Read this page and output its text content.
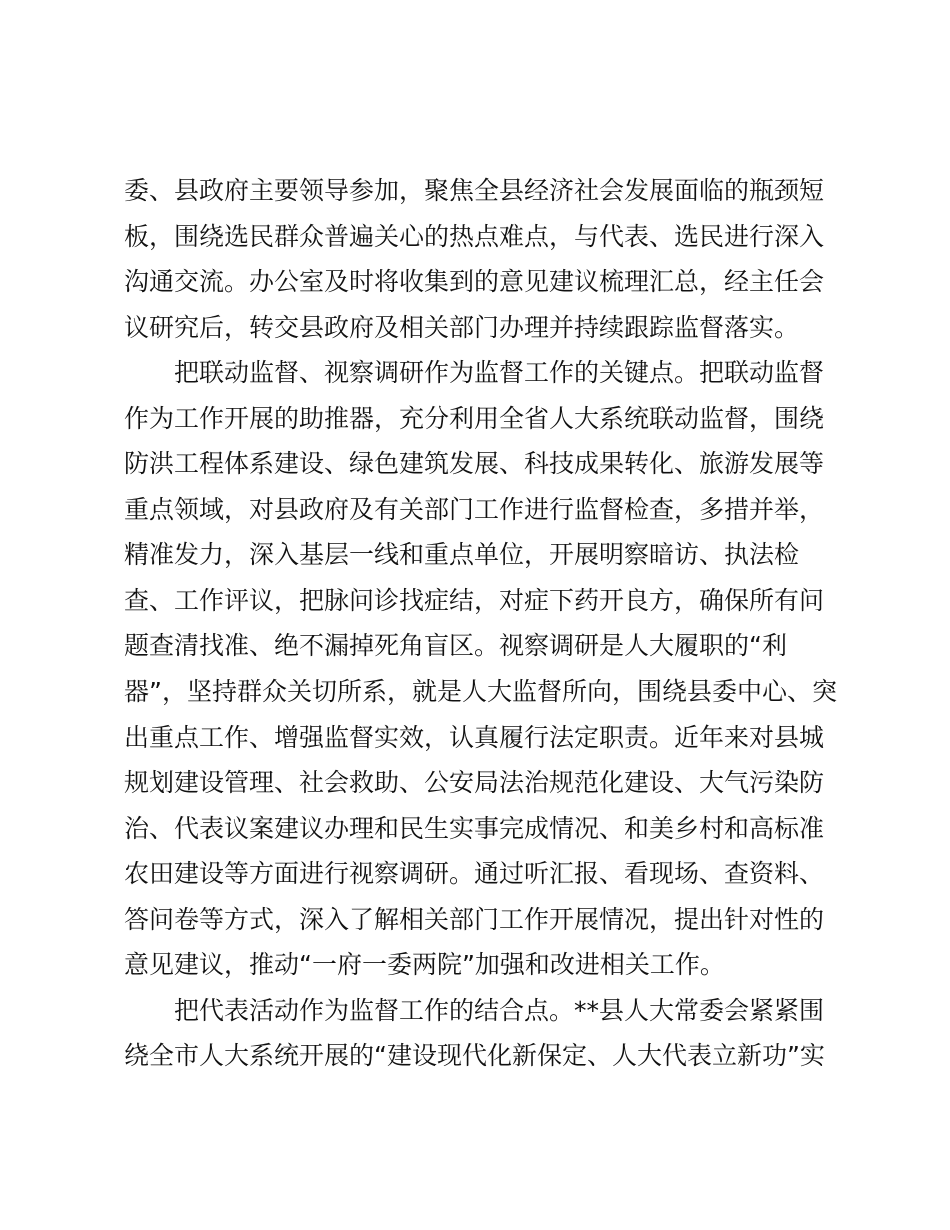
委、县政府主要领导参加，聚焦全县经济社会发展面临的瓶颈短
板，围绕选民群众普遍关心的热点难点，与代表、选民进行深入
沟通交流。办公室及时将收集到的意见建议梳理汇总，经主任会
议研究后，转交县政府及相关部门办理并持续跟踪监督落实。
把联动监督、视察调研作为监督工作的关键点。把联动监督
作为工作开展的助推器，充分利用全省人大系统联动监督，围绕
防洪工程体系建设、绿色建筑发展、科技成果转化、旅游发展等
重点领域，对县政府及有关部门工作进行监督检查，多措并举，
精准发力，深入基层一线和重点单位，开展明察暗访、执法检
查、工作评议，把脉问诊找症结，对症下药开良方，确保所有问
题查清找准、绝不漏掉死角盲区。视察调研是人大履职的“利
器”，坚持群众关切所系，就是人大监督所向，围绕县委中心、突
出重点工作、增强监督实效，认真履行法定职责。近年来对县城
规划建设管理、社会救助、公安局法治规范化建设、大气污染防
治、代表议案建议办理和民生实事完成情况、和美乡村和高标准
农田建设等方面进行视察调研。通过听汇报、看现场、查资料、
答问卷等方式，深入了解相关部门工作开展情况，提出针对性的
意见建议，推动“一府一委两院”加强和改进相关工作。
把代表活动作为监督工作的结合点。**县人大常委会紧紧围
绕全市人大系统开展的“建设现代化新保定、人大代表立新功”实
